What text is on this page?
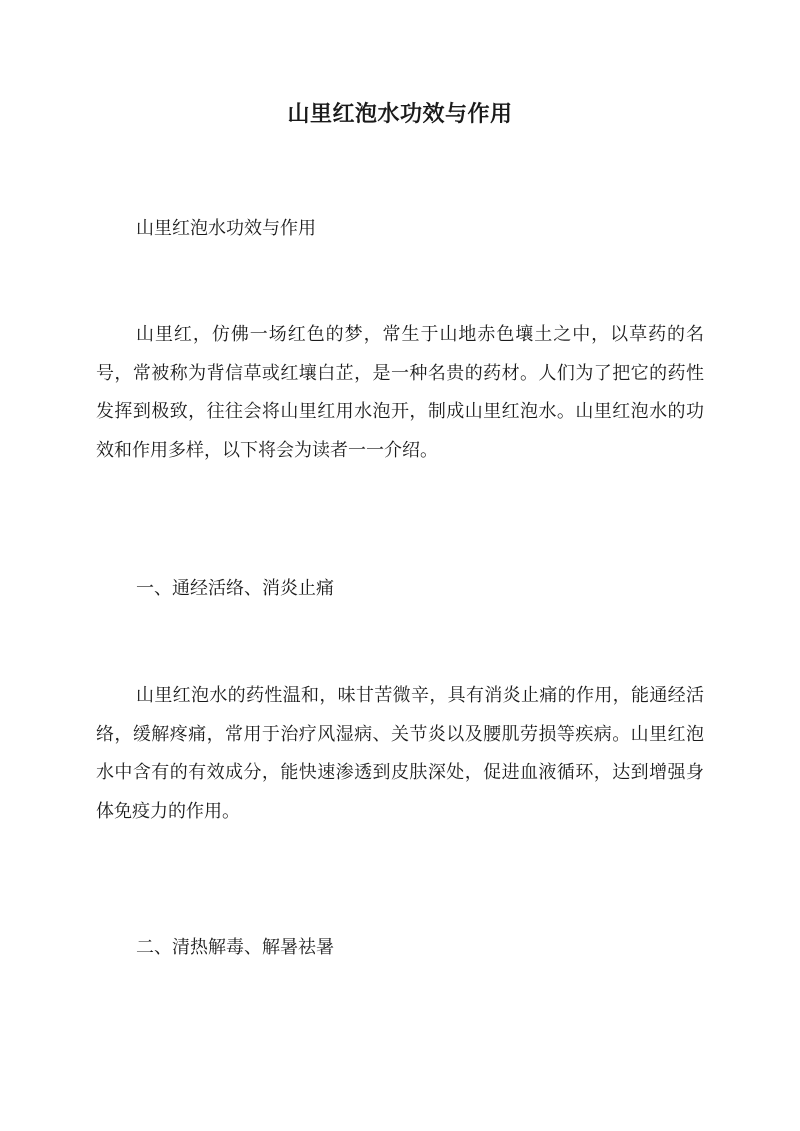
山里红泡水功效与作用

山里红泡水功效与作用

山里红，仿佛一场红色的梦，常生于山地赤色壤土之中，以草药的名号，常被称为背信草或红壤白芷，是一种名贵的药材。人们为了把它的药性发挥到极致，往往会将山里红用水泡开，制成山里红泡水。山里红泡水的功效和作用多样，以下将会为读者一一介绍。

一、通经活络、消炎止痛

山里红泡水的药性温和，味甘苦微辛，具有消炎止痛的作用，能通经活络，缓解疼痛，常用于治疗风湿病、关节炎以及腰肌劳损等疾病。山里红泡水中含有的有效成分，能快速渗透到皮肤深处，促进血液循环，达到增强身体免疫力的作用。

二、清热解毒、解暑祛暑
